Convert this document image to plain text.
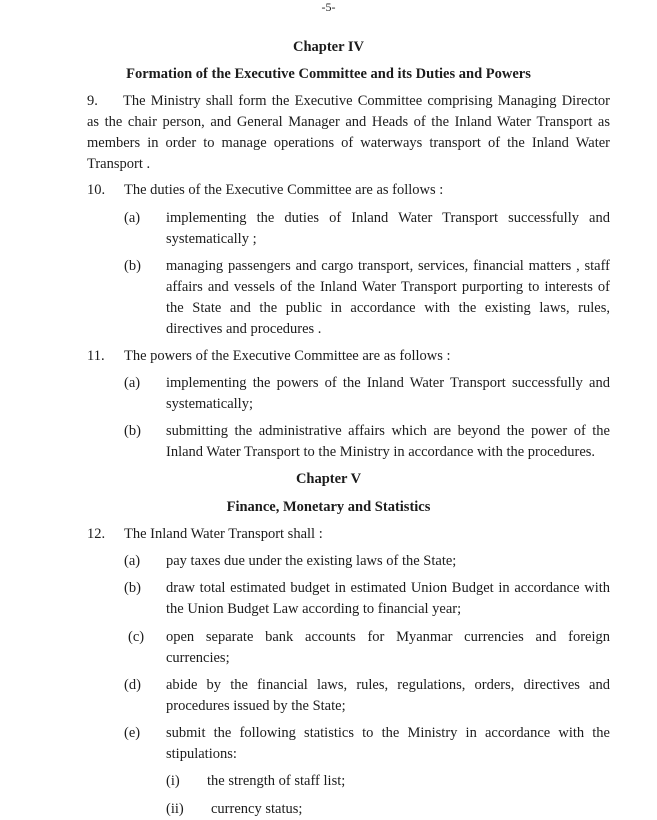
-5-
Chapter IV
Formation of the Executive Committee and its Duties and Powers
9.	The Ministry shall form the Executive Committee comprising Managing Director
as the chair person, and General Manager and Heads of the Inland Water Transport as
members in order to manage operations of waterways transport of the Inland Water
Transport .
10. The duties of the Executive Committee are as follows :
(a) implementing the duties of Inland Water Transport successfully and
systematically ;
(b) managing passengers and cargo transport, services, financial matters , staff
affairs and vessels of the Inland Water Transport purporting to interests of
the State and the public in accordance with the existing laws, rules,
directives and procedures .
11. The powers of the Executive Committee are as follows :
(a) implementing the powers of the Inland Water Transport successfully and
systematically;
(b) submitting the administrative affairs which are beyond the power of the
Inland Water Transport to the Ministry in accordance with the procedures.
Chapter V
Finance, Monetary and Statistics
12. The Inland Water Transport shall :
(a) pay taxes due under the existing laws of the State;
(b) draw total estimated budget in estimated Union Budget in accordance with
the Union Budget Law according to financial year;
(c) open separate bank accounts for Myanmar currencies and foreign
currencies;
(d) abide by the financial laws, rules, regulations, orders, directives and
procedures issued by the State;
(e) submit the following statistics to the Ministry in accordance with the
stipulations:
(i) the strength of staff list;
(ii) currency status;
